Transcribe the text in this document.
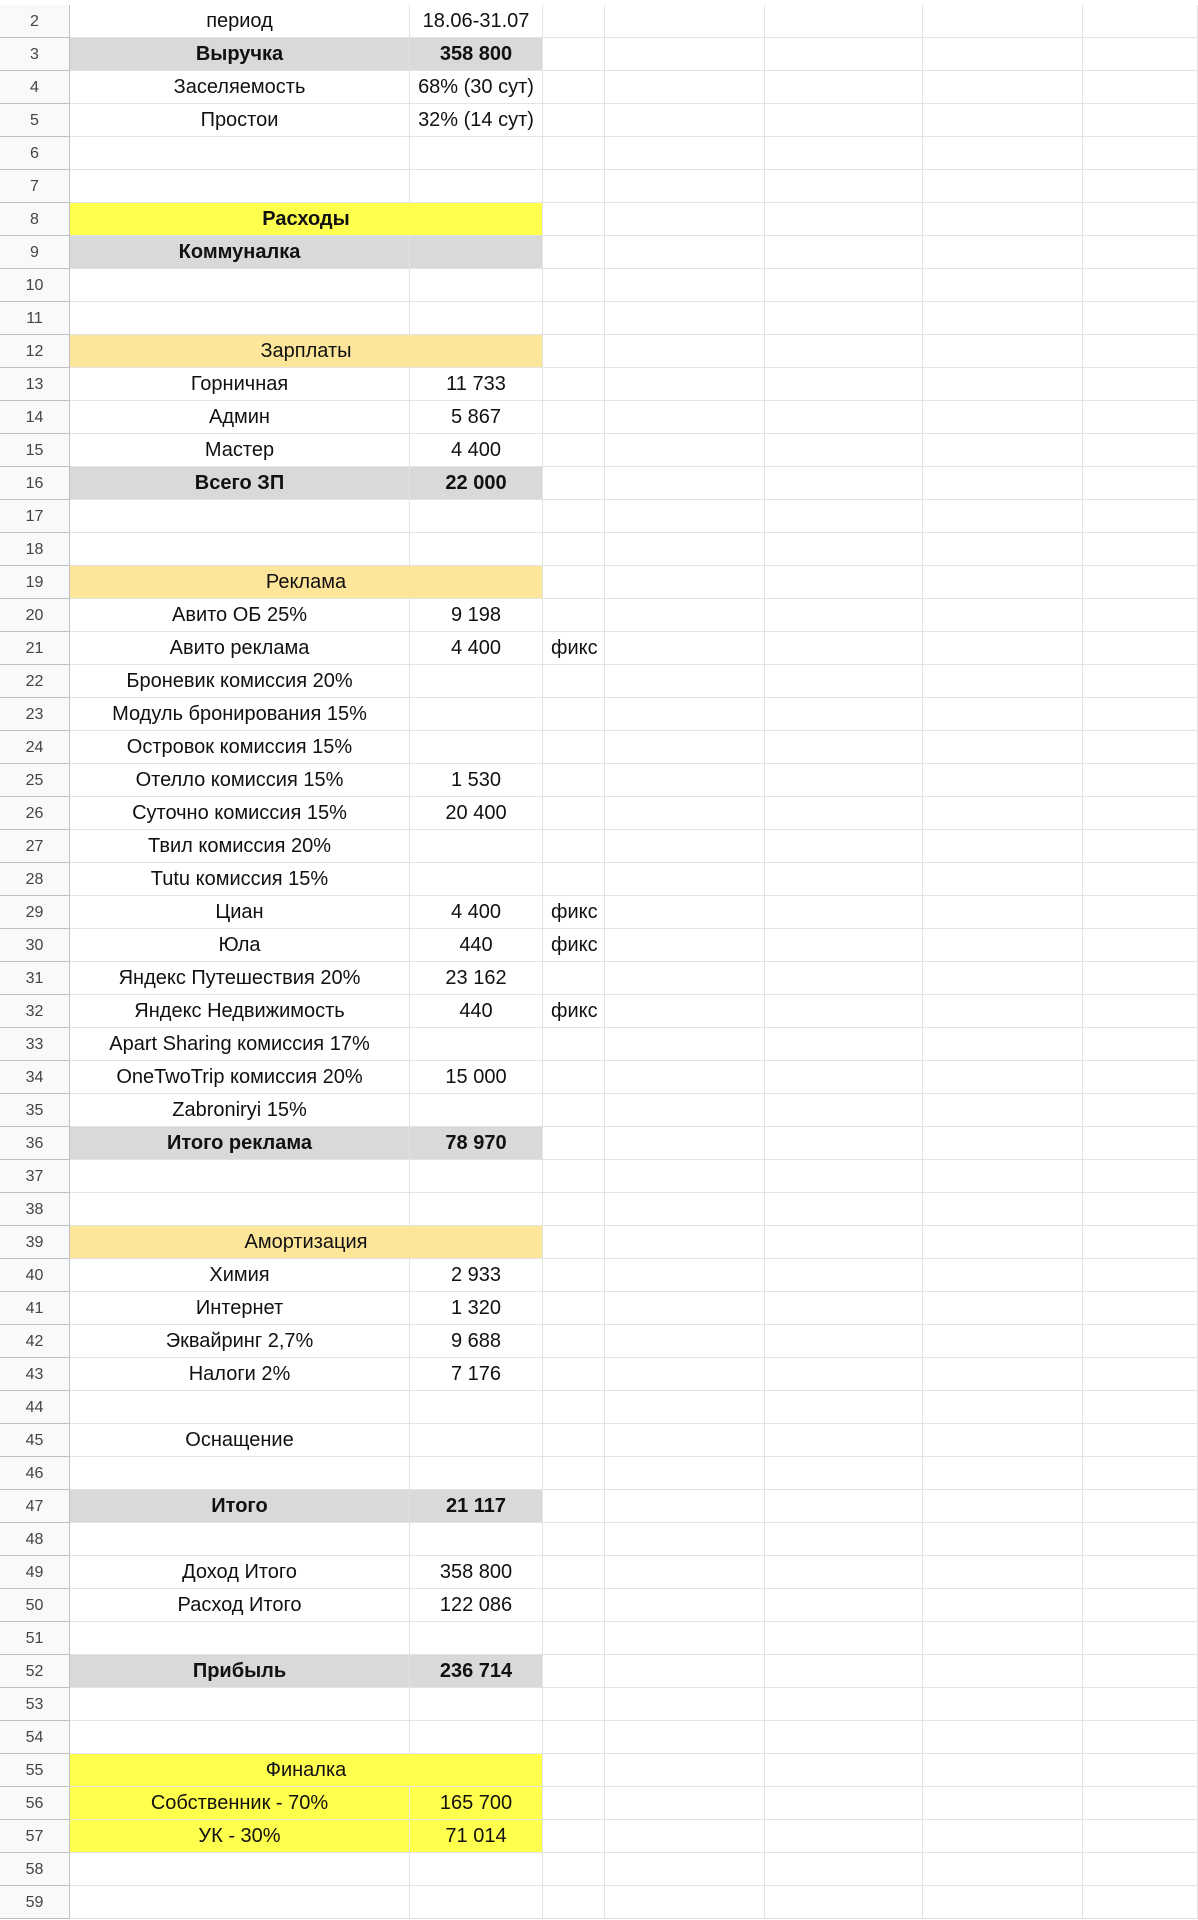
2	период	18.06-31.07
3	Выручка	358 800
4	Заселяемость	68% (30 сут)
5	Простои	32% (14 сут)
6
7
8	Расходы
9	Коммуналка
10
11
12	Зарплаты
13	Горничная	11 733
14	Админ	5 867
15	Мастер	4 400
16	Всего ЗП	22 000
17
18
19	Реклама
20	Авито ОБ 25%	9 198
21	Авито реклама	4 400	фикс
22	Броневик комиссия 20%
23	Модуль бронирования 15%
24	Островок комиссия 15%
25	Отелло комиссия 15%	1 530
26	Суточно комиссия 15%	20 400
27	Твил комиссия 20%
28	Tutu комиссия 15%
29	Циан	4 400	фикс
30	Юла	440	фикс
31	Яндекс Путешествия 20%	23 162
32	Яндекс Недвижимость	440	фикс
33	Apart Sharing комиссия 17%
34	OneTwoTrip комиссия 20%	15 000
35	Zabroniryi 15%
36	Итого реклама	78 970
37
38
39	Амортизация
40	Химия	2 933
41	Интернет	1 320
42	Эквайринг 2,7%	9 688
43	Налоги 2%	7 176
44
45	Оснащение
46
47	Итого	21 117
48
49	Доход Итого	358 800
50	Расход Итого	122 086
51
52	Прибыль	236 714
53
54
55	Финалка
56	Собственник - 70%	165 700
57	УК - 30%	71 014
58
59
